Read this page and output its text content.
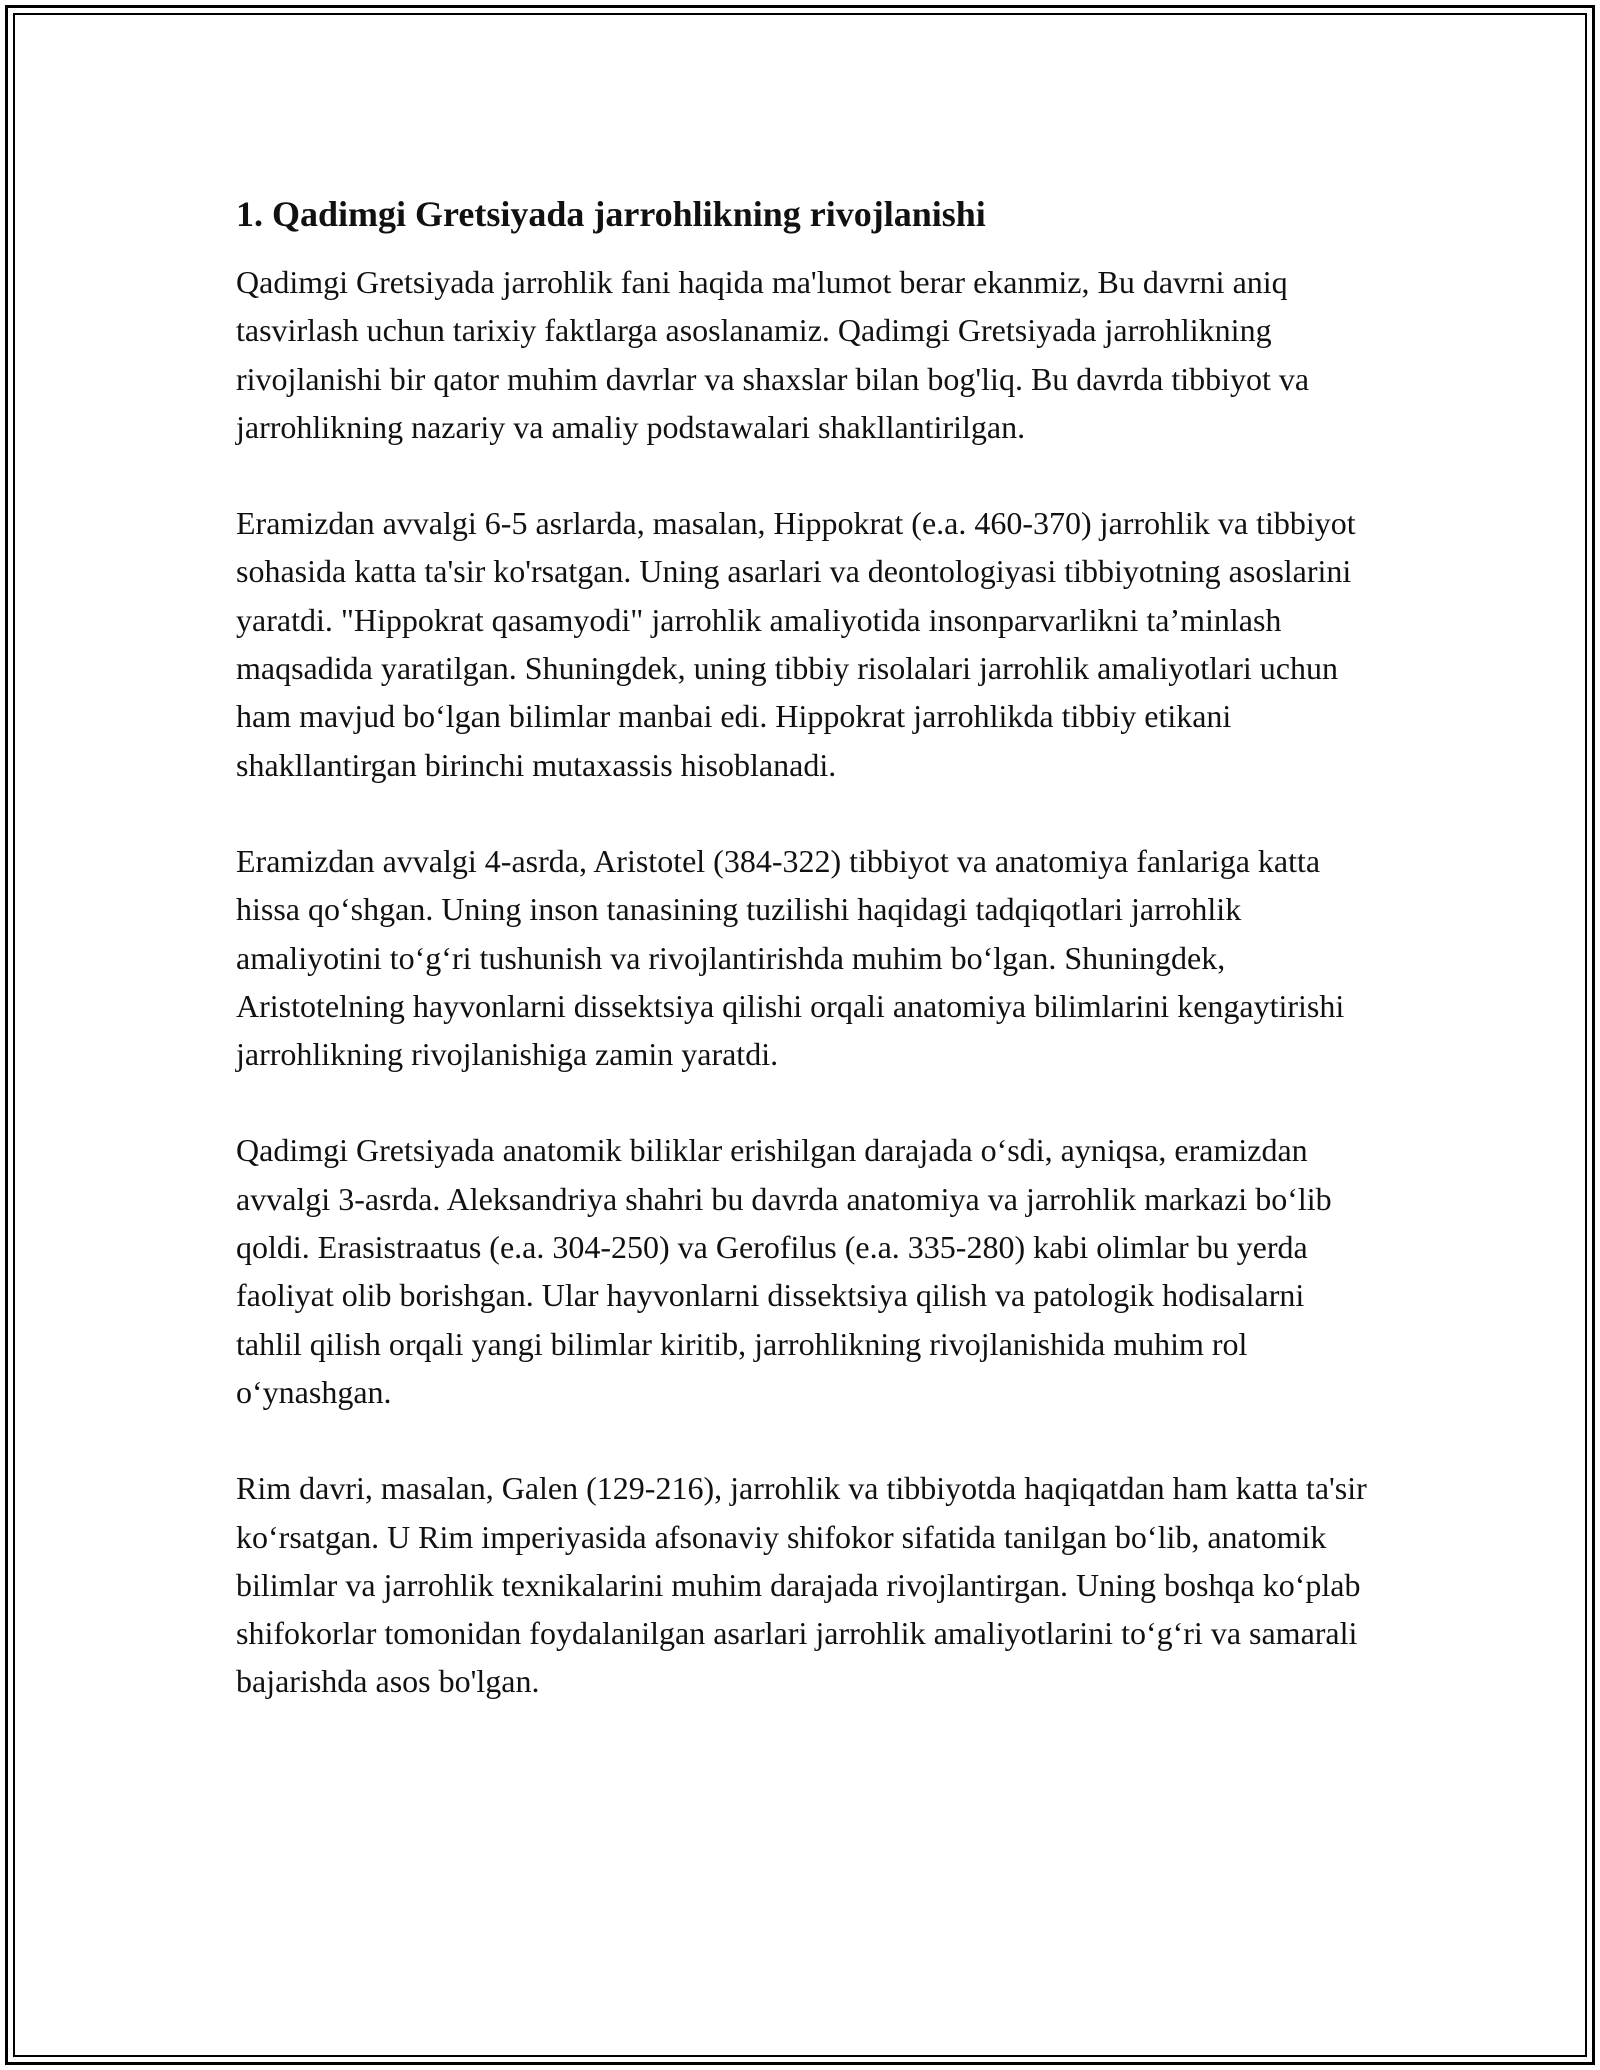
1. Qadimgi Gretsiyada jarrohlikning rivojlanishi

Qadimgi Gretsiyada jarrohlik fani haqida ma'lumot berar ekanmiz, Bu davrni aniq tasvirlash uchun tarixiy faktlarga asoslanamiz. Qadimgi Gretsiyada jarrohlikning rivojlanishi bir qator muhim davrlar va shaxslar bilan bog'liq. Bu davrda tibbiyot va jarrohlikning nazariy va amaliy podstawalari shakllantirilgan.

Eramizdan avvalgi 6-5 asrlarda, masalan, Hippokrat (e.a. 460-370) jarrohlik va tibbiyot sohasida katta ta'sir ko'rsatgan. Uning asarlari va deontologiyasi tibbiyotning asoslarini yaratdi. "Hippokrat qasamyodi" jarrohlik amaliyotida insonparvarlikni ta’minlash maqsadida yaratilgan. Shuningdek, uning tibbiy risolalari jarrohlik amaliyotlari uchun ham mavjud boʻlgan bilimlar manbai edi. Hippokrat jarrohlikda tibbiy etikani shakllantirgan birinchi mutaxassis hisoblanadi.

Eramizdan avvalgi 4-asrda, Aristotel (384-322) tibbiyot va anatomiya fanlariga katta hissa qoʻshgan. Uning inson tanasining tuzilishi haqidagi tadqiqotlari jarrohlik amaliyotini toʻgʻri tushunish va rivojlantirishda muhim boʻlgan. Shuningdek, Aristotelning hayvonlarni dissektsiya qilishi orqali anatomiya bilimlarini kengaytirishi jarrohlikning rivojlanishiga zamin yaratdi.

Qadimgi Gretsiyada anatomik biliklar erishilgan darajada oʻsdi, ayniqsa, eramizdan avvalgi 3-asrda. Aleksandriya shahri bu davrda anatomiya va jarrohlik markazi boʻlib qoldi. Erasistraatus (e.a. 304-250) va Gerofilus (e.a. 335-280) kabi olimlar bu yerda faoliyat olib borishgan. Ular hayvonlarni dissektsiya qilish va patologik hodisalarni tahlil qilish orqali yangi bilimlar kiritib, jarrohlikning rivojlanishida muhim rol oʻynashgan.

Rim davri, masalan, Galen (129-216), jarrohlik va tibbiyotda haqiqatdan ham katta ta'sir koʻrsatgan. U Rim imperiyasida afsonaviy shifokor sifatida tanilgan boʻlib, anatomik bilimlar va jarrohlik texnikalarini muhim darajada rivojlantirgan. Uning boshqa koʻplab shifokorlar tomonidan foydalanilgan asarlari jarrohlik amaliyotlarini toʻgʻri va samarali bajarishda asos bo'lgan.
